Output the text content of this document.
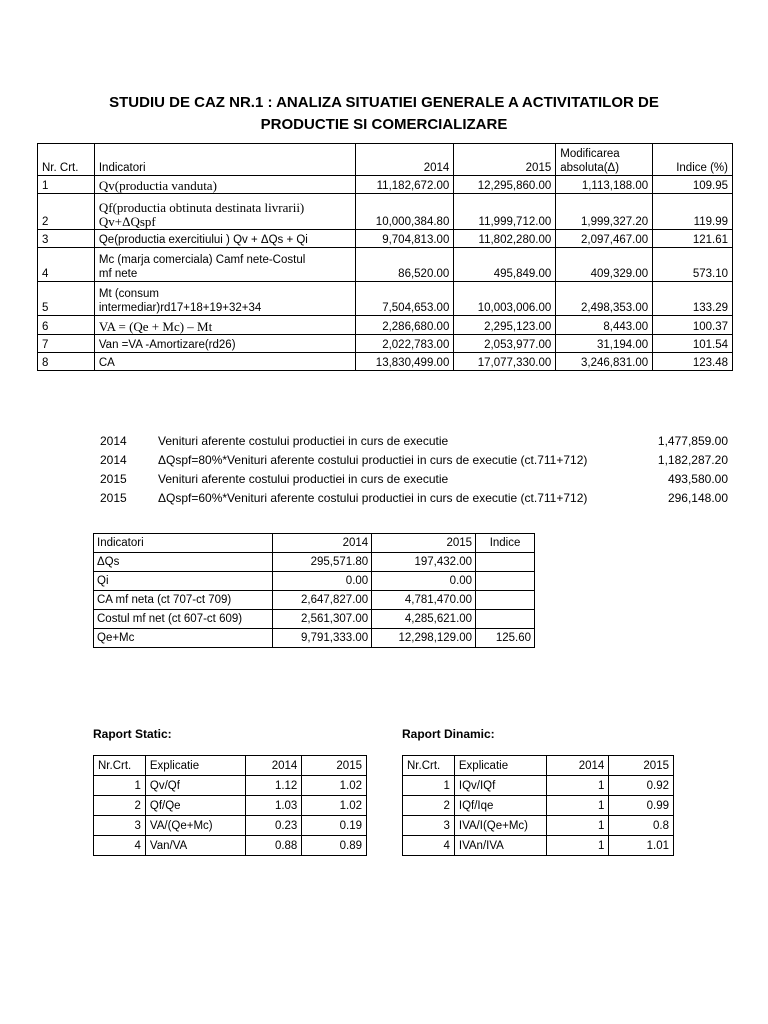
STUDIU DE CAZ NR.1 : ANALIZA SITUATIEI GENERALE A ACTIVITATILOR DE
PRODUCTIE SI COMERCIALIZARE
Nr. Crt.	Indicatori	2014	2015	Modificarea
absoluta(Δ)	Indice (%)
1	Qv(productia vanduta)	11,182,672.00	12,295,860.00	1,113,188.00	109.95
2	Qf(productia obtinuta destinata livrarii)
Qv+ΔQspf	10,000,384.80	11,999,712.00	1,999,327.20	119.99
3	Qe(productia exercitiului ) Qv + ΔQs + Qi	9,704,813.00	11,802,280.00	2,097,467.00	121.61
4	Mc (marja comerciala) Camf nete-Costul
mf nete	86,520.00	495,849.00	409,329.00	573.10
5	Mt (consum
intermediar)rd17+18+19+32+34	7,504,653.00	10,003,006.00	2,498,353.00	133.29
6	VA = (Qe + Mc) – Mt	2,286,680.00	2,295,123.00	8,443.00	100.37
7	Van =VA -Amortizare(rd26)	2,022,783.00	2,053,977.00	31,194.00	101.54
8	CA	13,830,499.00	17,077,330.00	3,246,831.00	123.48
2014	Venituri aferente costului productiei in curs de executie	1,477,859.00
2014	ΔQspf=80%*Venituri aferente costului productiei in curs de executie (ct.711+712)	1,182,287.20
2015	Venituri aferente costului productiei in curs de executie	493,580.00
2015	ΔQspf=60%*Venituri aferente costului productiei in curs de executie (ct.711+712)	296,148.00
Indicatori	2014	2015	Indice
ΔQs	295,571.80	197,432.00	
Qi	0.00	0.00	
CA mf neta (ct 707-ct 709)	2,647,827.00	4,781,470.00	
Costul mf net (ct 607-ct 609)	2,561,307.00	4,285,621.00	
Qe+Mc	9,791,333.00	12,298,129.00	125.60
Raport Static:	Raport Dinamic:
Nr.Crt.	Explicatie	2014	2015
1	Qv/Qf	1.12	1.02
2	Qf/Qe	1.03	1.02
3	VA/(Qe+Mc)	0.23	0.19
4	Van/VA	0.88	0.89
Nr.Crt.	Explicatie	2014	2015
1	IQv/IQf	1	0.92
2	IQf/Iqe	1	0.99
3	IVA/I(Qe+Mc)	1	0.8
4	IVAn/IVA	1	1.01
